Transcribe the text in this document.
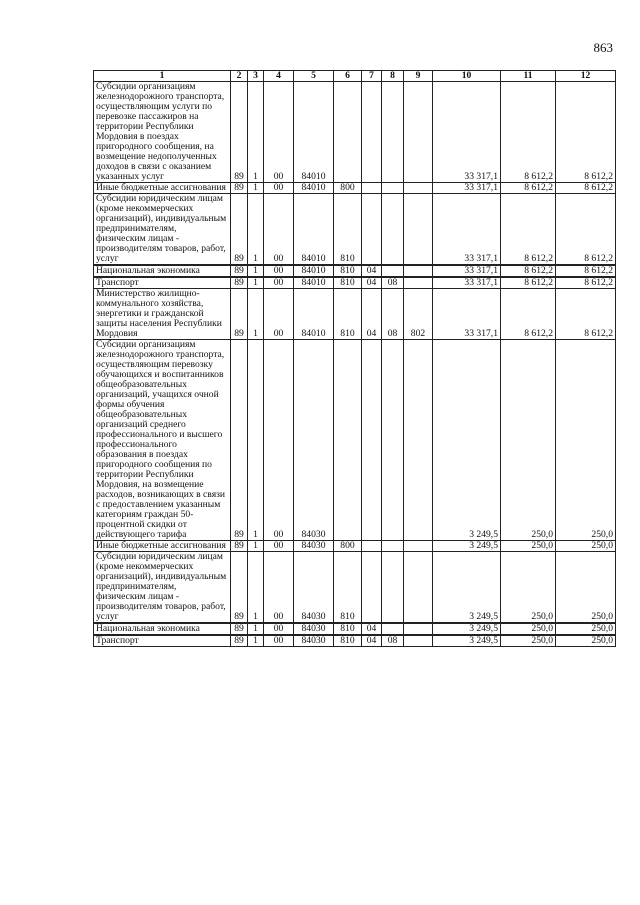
863
1	2	3	4	5	6	7	8	9	10	11	12
Субсидии организациям железнодорожного транспорта, осуществляющим услуги по перевозке пассажиров на территории Республики Мордовия в поездах пригородного сообщения, на возмещение недополученных доходов в связи с оказанием указанных услуг	89	1	00	84010					33 317,1	8 612,2	8 612,2
Иные бюджетные ассигнования	89	1	00	84010	800				33 317,1	8 612,2	8 612,2
Субсидии юридическим лицам (кроме некоммерческих организаций), индивидуальным предпринимателям, физическим лицам - производителям товаров, работ, услуг	89	1	00	84010	810				33 317,1	8 612,2	8 612,2
Национальная экономика	89	1	00	84010	810	04			33 317,1	8 612,2	8 612,2
Транспорт	89	1	00	84010	810	04	08		33 317,1	8 612,2	8 612,2
Министерство жилищно-коммунального хозяйства, энергетики и гражданской защиты населения Республики Мордовия	89	1	00	84010	810	04	08	802	33 317,1	8 612,2	8 612,2
Субсидии организациям железнодорожного транспорта, осуществляющим перевозку обучающихся и воспитанников общеобразовательных организаций, учащихся очной формы обучения общеобразовательных организаций среднего профессионального и высшего профессионального образования в поездах пригородного сообщения по территории Республики Мордовия, на возмещение расходов, возникающих в связи с предоставлением указанным категориям граждан 50-процентной скидки от действующего тарифа	89	1	00	84030					3 249,5	250,0	250,0
Иные бюджетные ассигнования	89	1	00	84030	800				3 249,5	250,0	250,0
Субсидии юридическим лицам (кроме некоммерческих организаций), индивидуальным предпринимателям, физическим лицам - производителям товаров, работ, услуг	89	1	00	84030	810				3 249,5	250,0	250,0
Национальная экономика	89	1	00	84030	810	04			3 249,5	250,0	250,0
Транспорт	89	1	00	84030	810	04	08		3 249,5	250,0	250,0
